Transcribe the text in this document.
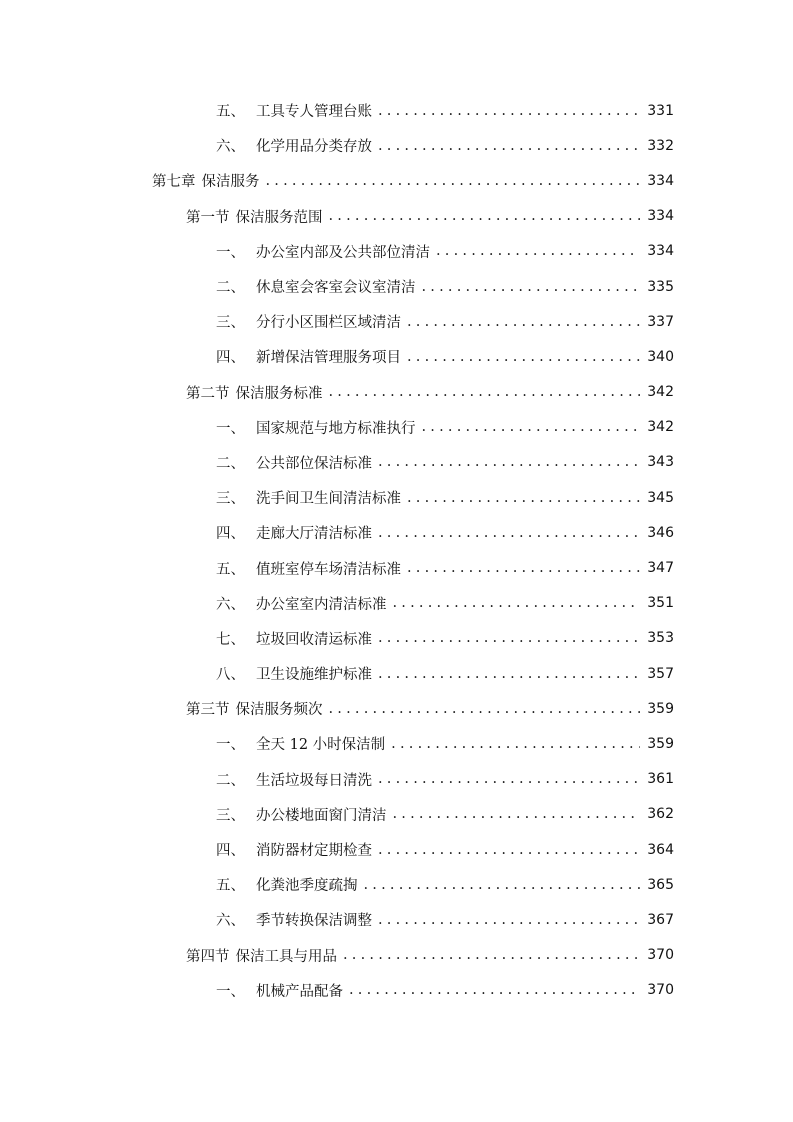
五、 工具专人管理台账 .....	331
六、 化学用品分类存放 .....	332
第七章 保洁服务 .....	334
第一节 保洁服务范围 .....	334
一、 办公室内部及公共部位清洁 .....	334
二、 休息室会客室会议室清洁 .....	335
三、 分行小区围栏区域清洁 .....	337
四、 新增保洁管理服务项目 .....	340
第二节 保洁服务标准 .....	342
一、 国家规范与地方标准执行 .....	342
二、 公共部位保洁标准 .....	343
三、 洗手间卫生间清洁标准 .....	345
四、 走廊大厅清洁标准 .....	346
五、 值班室停车场清洁标准 .....	347
六、 办公室室内清洁标准 .....	351
七、 垃圾回收清运标准 .....	353
八、 卫生设施维护标准 .....	357
第三节 保洁服务频次 .....	359
一、 全天 12 小时保洁制 .....	359
二、 生活垃圾每日清洗 .....	361
三、 办公楼地面窗门清洁 .....	362
四、 消防器材定期检查 .....	364
五、 化粪池季度疏掏 .....	365
六、 季节转换保洁调整 .....	367
第四节 保洁工具与用品 .....	370
一、 机械产品配备 .....	370
